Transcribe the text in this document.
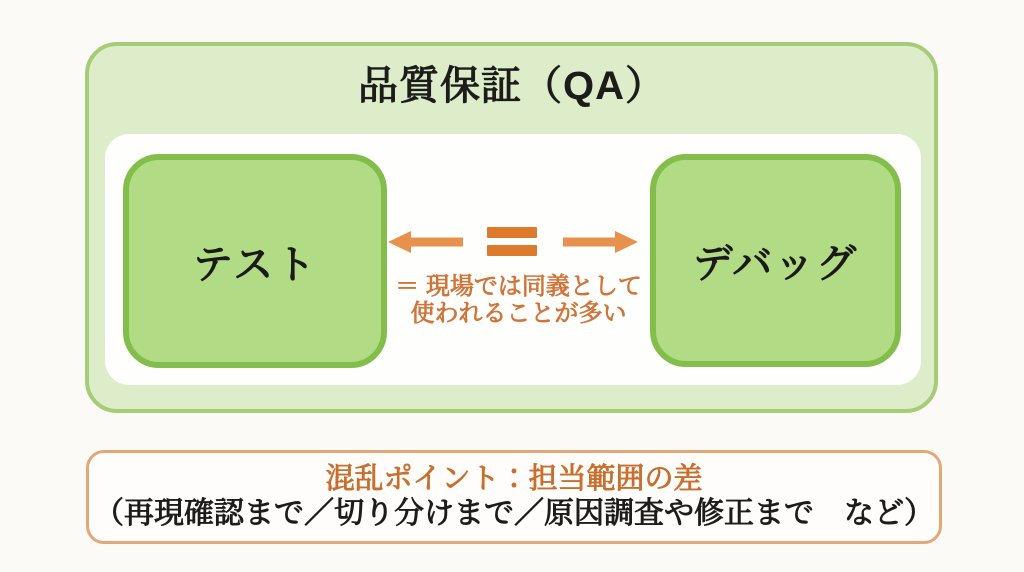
品質保証（QA）
テスト	デバッグ
＝ 現場では同義として
使われることが多い
混乱ポイント：担当範囲の差
（再現確認まで／切り分けまで／原因調査や修正まで　など）
